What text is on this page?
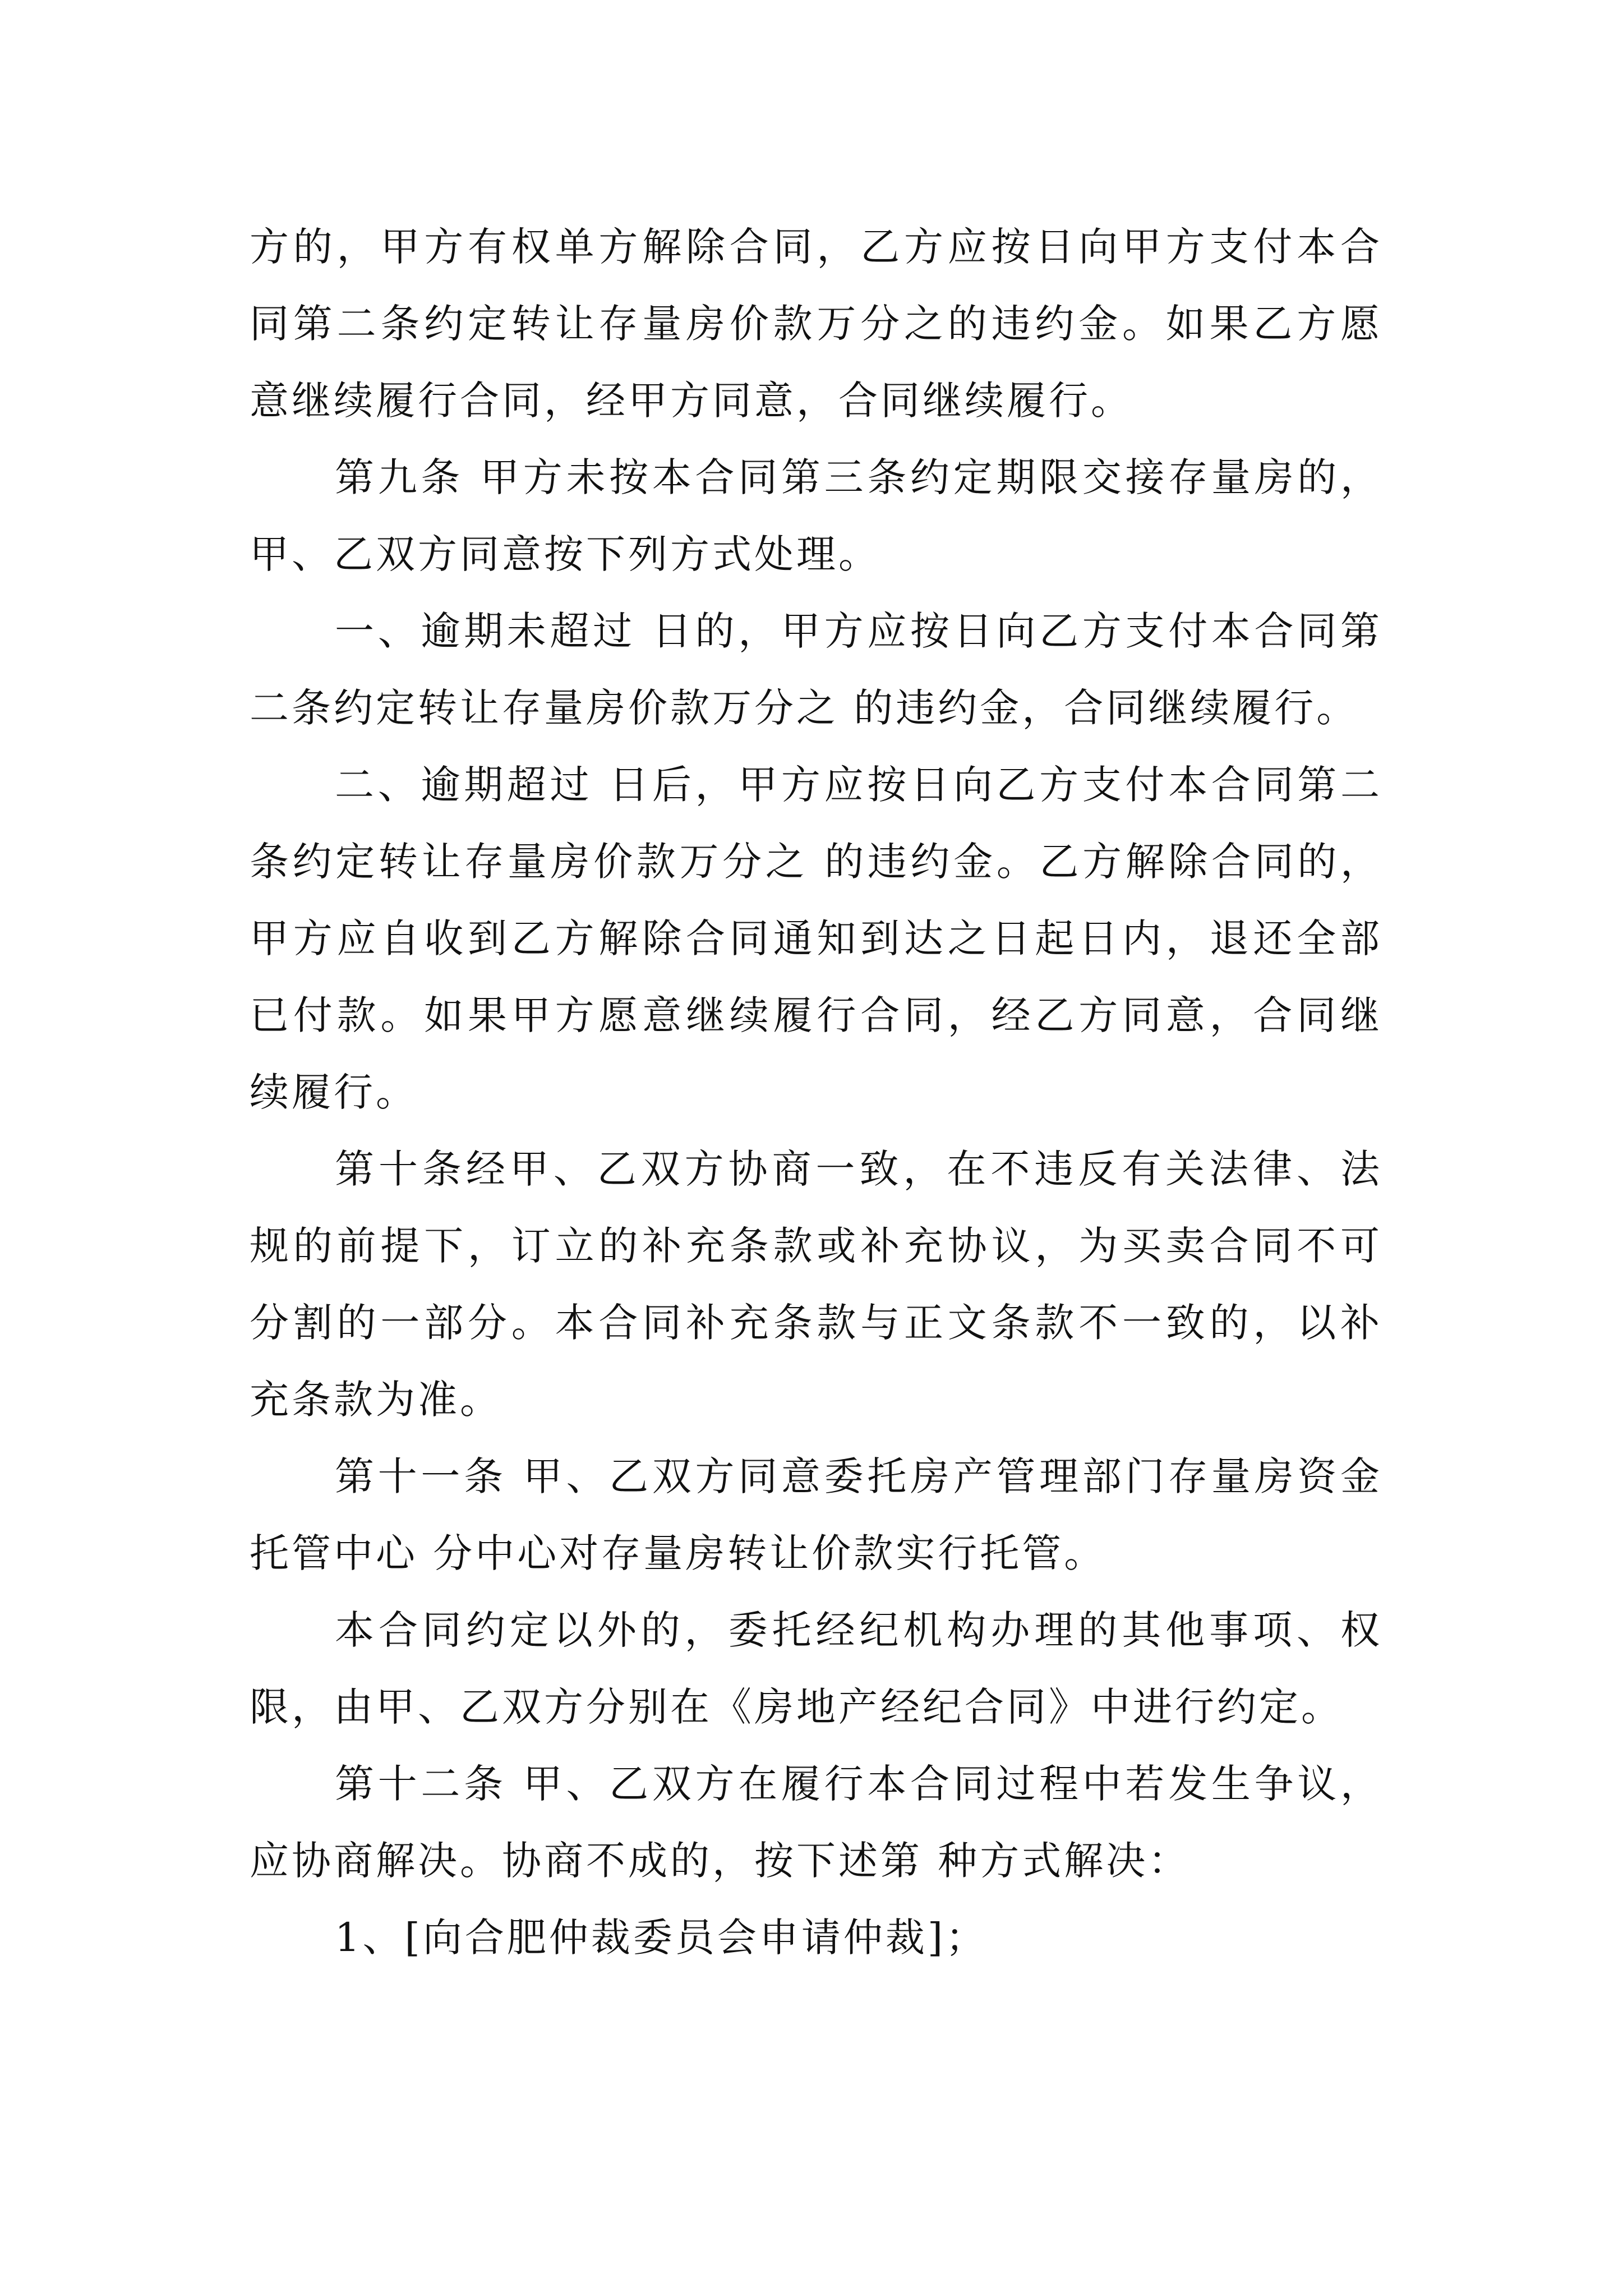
方的，甲方有权单方解除合同，乙方应按日向甲方支付本合同第二条约定转让存量房价款万分之的违约金。如果乙方愿意继续履行合同，经甲方同意，合同继续履行。

第九条 甲方未按本合同第三条约定期限交接存量房的，甲、乙双方同意按下列方式处理。

一、逾期未超过 日的，甲方应按日向乙方支付本合同第二条约定转让存量房价款万分之 的违约金，合同继续履行。

二、逾期超过 日后，甲方应按日向乙方支付本合同第二条约定转让存量房价款万分之 的违约金。乙方解除合同的，甲方应自收到乙方解除合同通知到达之日起日内，退还全部已付款。如果甲方愿意继续履行合同，经乙方同意，合同继续履行。

第十条经甲、乙双方协商一致，在不违反有关法律、法规的前提下，订立的补充条款或补充协议，为买卖合同不可分割的一部分。本合同补充条款与正文条款不一致的，以补充条款为准。

第十一条 甲、乙双方同意委托房产管理部门存量房资金托管中心 分中心对存量房转让价款实行托管。

本合同约定以外的，委托经纪机构办理的其他事项、权限，由甲、乙双方分别在《房地产经纪合同》中进行约定。

第十二条 甲、乙双方在履行本合同过程中若发生争议，应协商解决。协商不成的，按下述第 种方式解决：

1、[向合肥仲裁委员会申请仲裁]；
